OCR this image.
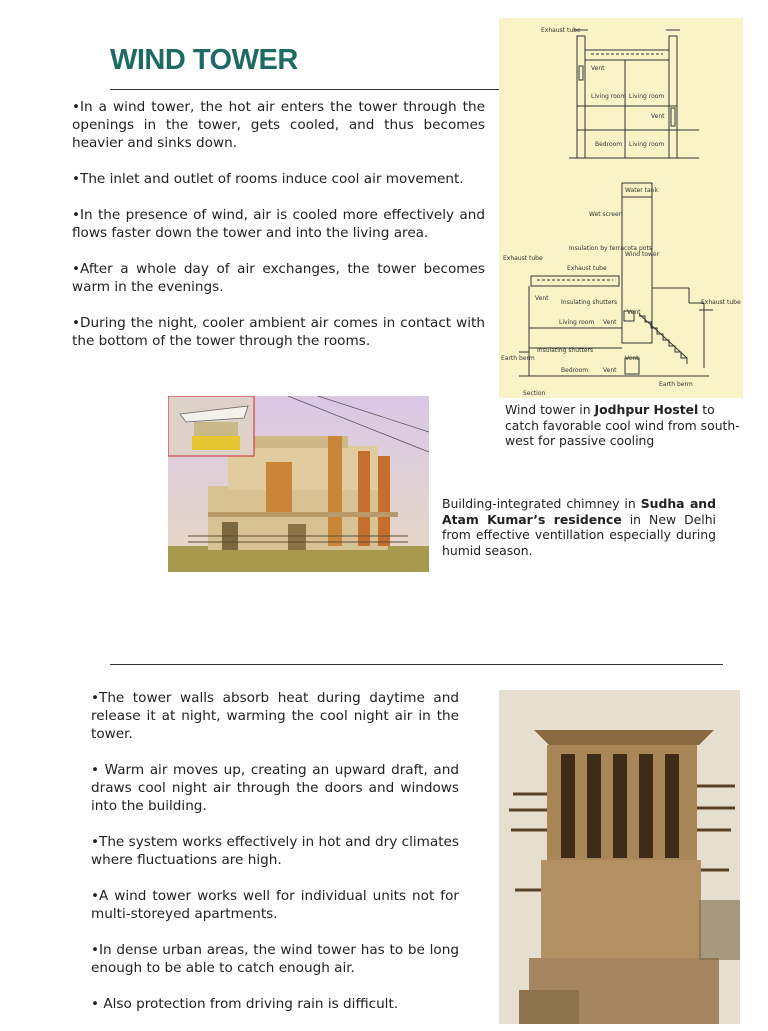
WIND TOWER

•In a wind tower, the hot air enters the tower through the openings in the tower, gets cooled, and thus becomes heavier and sinks down.

•The inlet and outlet of rooms induce cool air movement.

•In the presence of wind, air is cooled more effectively and flows faster down the tower and into the living area.

•After a whole day of air exchanges, the tower becomes warm in the evenings.

•During the night, cooler ambient air comes in contact with the bottom of the tower through the rooms.

Exhaust tube
Vent
Living room Living room
Vent
Bedroom Living room
Water tank
Wet screen
Insulation by terracota pots
Exhaust tube
Wind tower
Exhaust tube
Exhaust tube
Vent
Insulating shutters
Living room Vent
Vent
Earth berm
Insulating shutters
Bedroom Vent
Vent
Earth berm
Section
Wind tower in Jodhpur Hostel to catch favorable cool wind from south-west for passive cooling
Building-integrated chimney in Sudha and Atam Kumar’s residence in New Delhi from effective ventillation especially during humid season.

•The tower walls absorb heat during daytime and release it at night, warming the cool night air in the tower.

• Warm air moves up, creating an upward draft, and draws cool night air through the doors and windows into the building.

•The system works effectively in hot and dry climates where fluctuations are high.

•A wind tower works well for individual units not for multi-storeyed apartments.

•In dense urban areas, the wind tower has to be long enough to be able to catch enough air.

• Also protection from driving rain is difficult.
